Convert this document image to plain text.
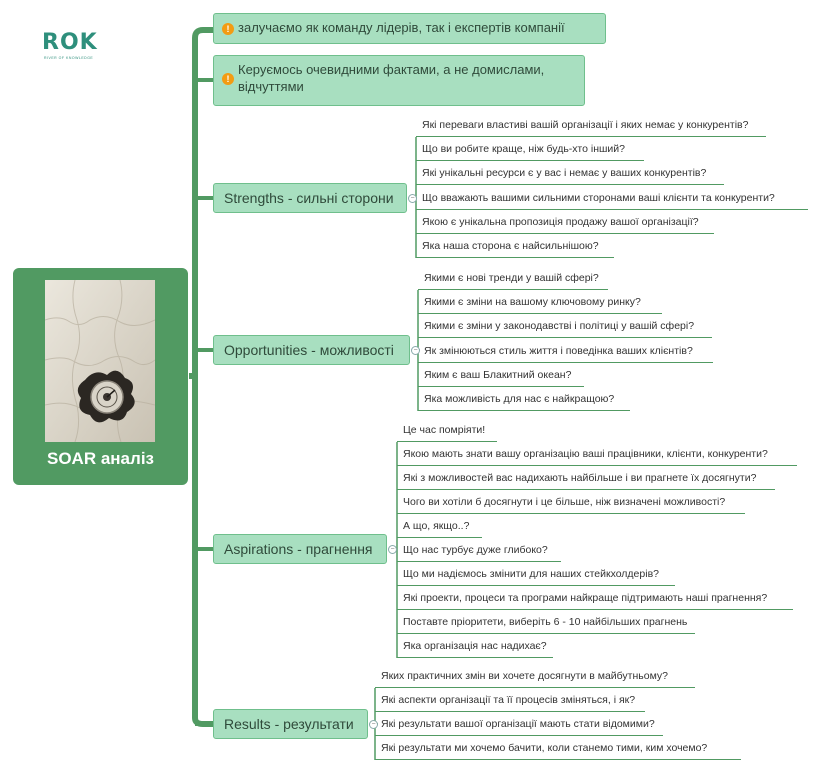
ROK
RIVER OF KNOWLEDGE
SOAR аналіз
! залучаємо як команду лідерів, так і експертів компанії
!
Керуємось очевидними фактами, а не домислами, відчуттями
Strengths - сильні сторони	−
Які переваги властиві вашій організації і яких немає у конкурентів?
Що ви робите краще, ніж будь-хто інший?
Які унікальні ресурси є у вас і немає у ваших конкурентів?
Що вважають вашими сильними сторонами ваші клієнти та конкуренти?
Якою є унікальна пропозиція продажу вашої організації?
Яка наша сторона є найсильнішою?
Opportunities - можливості	−
Якими є нові тренди у вашій сфері?
Якими є зміни на вашому ключовому ринку?
Якими є зміни у законодавстві і політиці у вашій сфері?
Як змінюються стиль життя і поведінка ваших клієнтів?
Яким є ваш Блакитний океан?
Яка можливість для нас є найкращою?
Aspirations - прагнення	−
Це час помріяти!
Якою мають знати вашу організацію ваші працівники, клієнти, конкуренти?
Які з можливостей вас надихають найбільше і ви прагнете їх досягнути?
Чого ви хотіли б досягнути і це більше, ніж визначені можливості?
А що, якщо..?
Що нас турбує дуже глибоко?
Що ми надіємось змінити для наших стейкхолдерів?
Які проекти, процеси та програми найкраще підтримають наші прагнення?
Поставте пріоритети, виберіть 6 - 10 найбільших прагнень
Яка організація нас надихає?
Results - результати	−
Яких практичних змін ви хочете досягнути в майбутньому?
Які аспекти організації та її процесів зміняться, і як?
Які результати вашої організації мають стати відомими?
Які результати ми хочемо бачити, коли станемо тими, ким хочемо?
